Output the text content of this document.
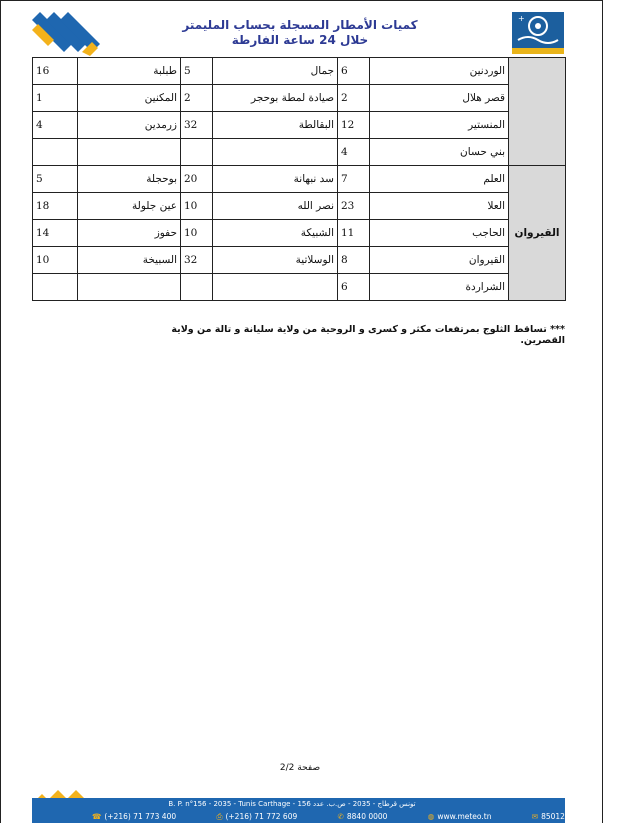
+
كميات الأمطار المسجلة بحساب المليمتر
خلال 24 ساعة الفارطة
16	طبلبة	5	جمال	6	الوردنين	
1	المكنين	2	صيادة لمطة بوحجر	2	قصر هلال	
4	زرمدين	32	البقالطة	12	المنستير	
				4	بني حسان	
5	بوحجلة	20	سد نبهانة	7	العلم	القيروان
18	عين جلولة	10	نصر الله	23	العلا	
14	حفوز	10	الشبيكة	11	الحاجب	
10	السبيخة	32	الوسلاتية	8	القيروان	
				6	الشراردة	
*** تساقط الثلوج بمرتفعات مكثر و كسرى و الروحية من ولاية سليانة و تالة من ولاية القصرين.
صفحة 2/2
B. P. n°156 - 2035 - Tunis Carthage - تونس قرطاج - 2035 - ص.ب. عدد 156
☎ (+216) 71 773 400	⎙ (+216) 71 772 609	✆ 8840 0000	◍ www.meteo.tn	✉ 85012
